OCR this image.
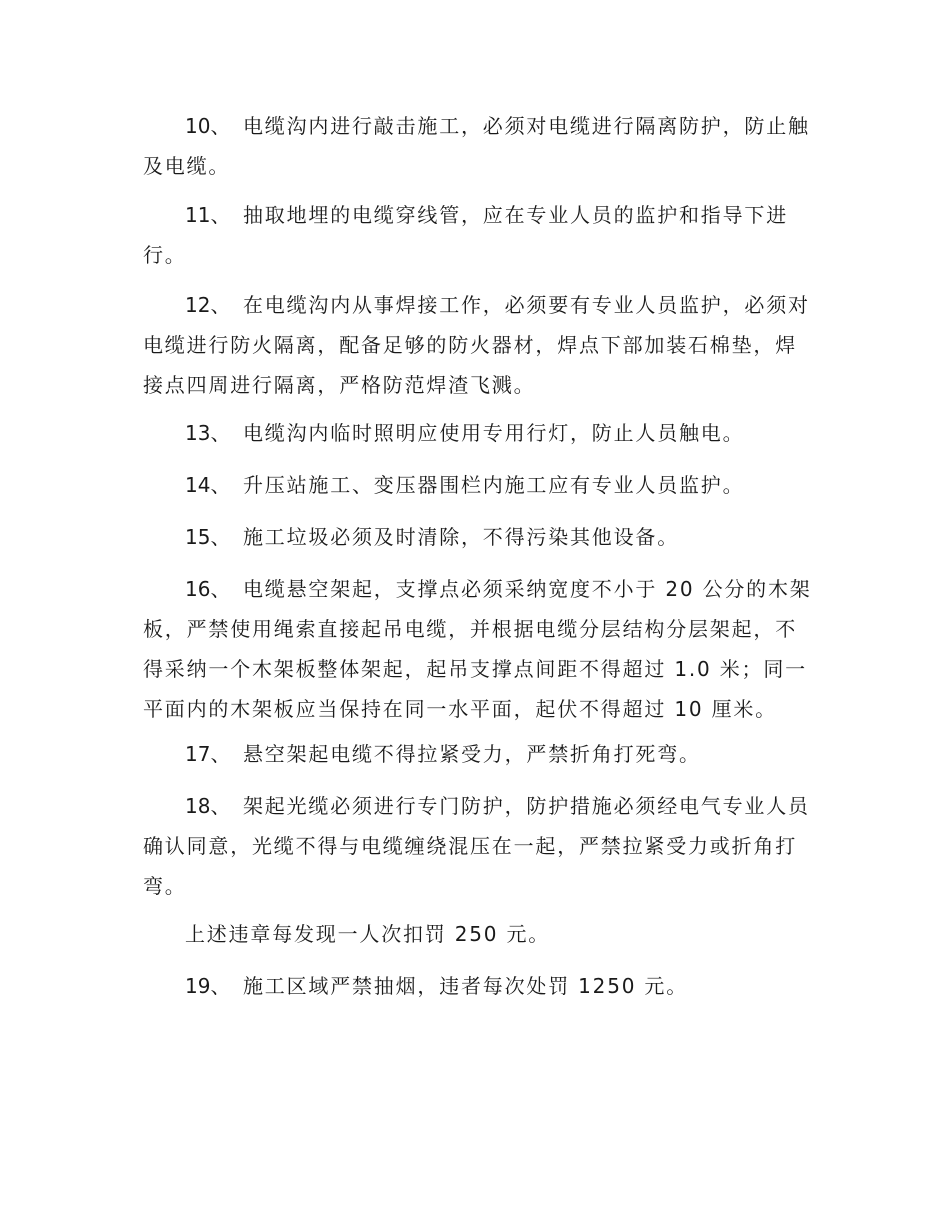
10、 电缆沟内进行敲击施工，必须对电缆进行隔离防护，防止触
及电缆。

11、 抽取地埋的电缆穿线管，应在专业人员的监护和指导下进
行。

12、 在电缆沟内从事焊接工作，必须要有专业人员监护，必须对
电缆进行防火隔离，配备足够的防火器材，焊点下部加装石棉垫，焊
接点四周进行隔离，严格防范焊渣飞溅。

13、 电缆沟内临时照明应使用专用行灯，防止人员触电。

14、 升压站施工、变压器围栏内施工应有专业人员监护。

15、 施工垃圾必须及时清除，不得污染其他设备。

16、 电缆悬空架起，支撑点必须采纳宽度不小于 20 公分的木架
板，严禁使用绳索直接起吊电缆，并根据电缆分层结构分层架起，不
得采纳一个木架板整体架起，起吊支撑点间距不得超过 1.0 米；同一
平面内的木架板应当保持在同一水平面，起伏不得超过 10 厘米。

17、 悬空架起电缆不得拉紧受力，严禁折角打死弯。

18、 架起光缆必须进行专门防护，防护措施必须经电气专业人员
确认同意，光缆不得与电缆缠绕混压在一起，严禁拉紧受力或折角打
弯。

上述违章每发现一人次扣罚 250 元。

19、 施工区域严禁抽烟，违者每次处罚 1250 元。
